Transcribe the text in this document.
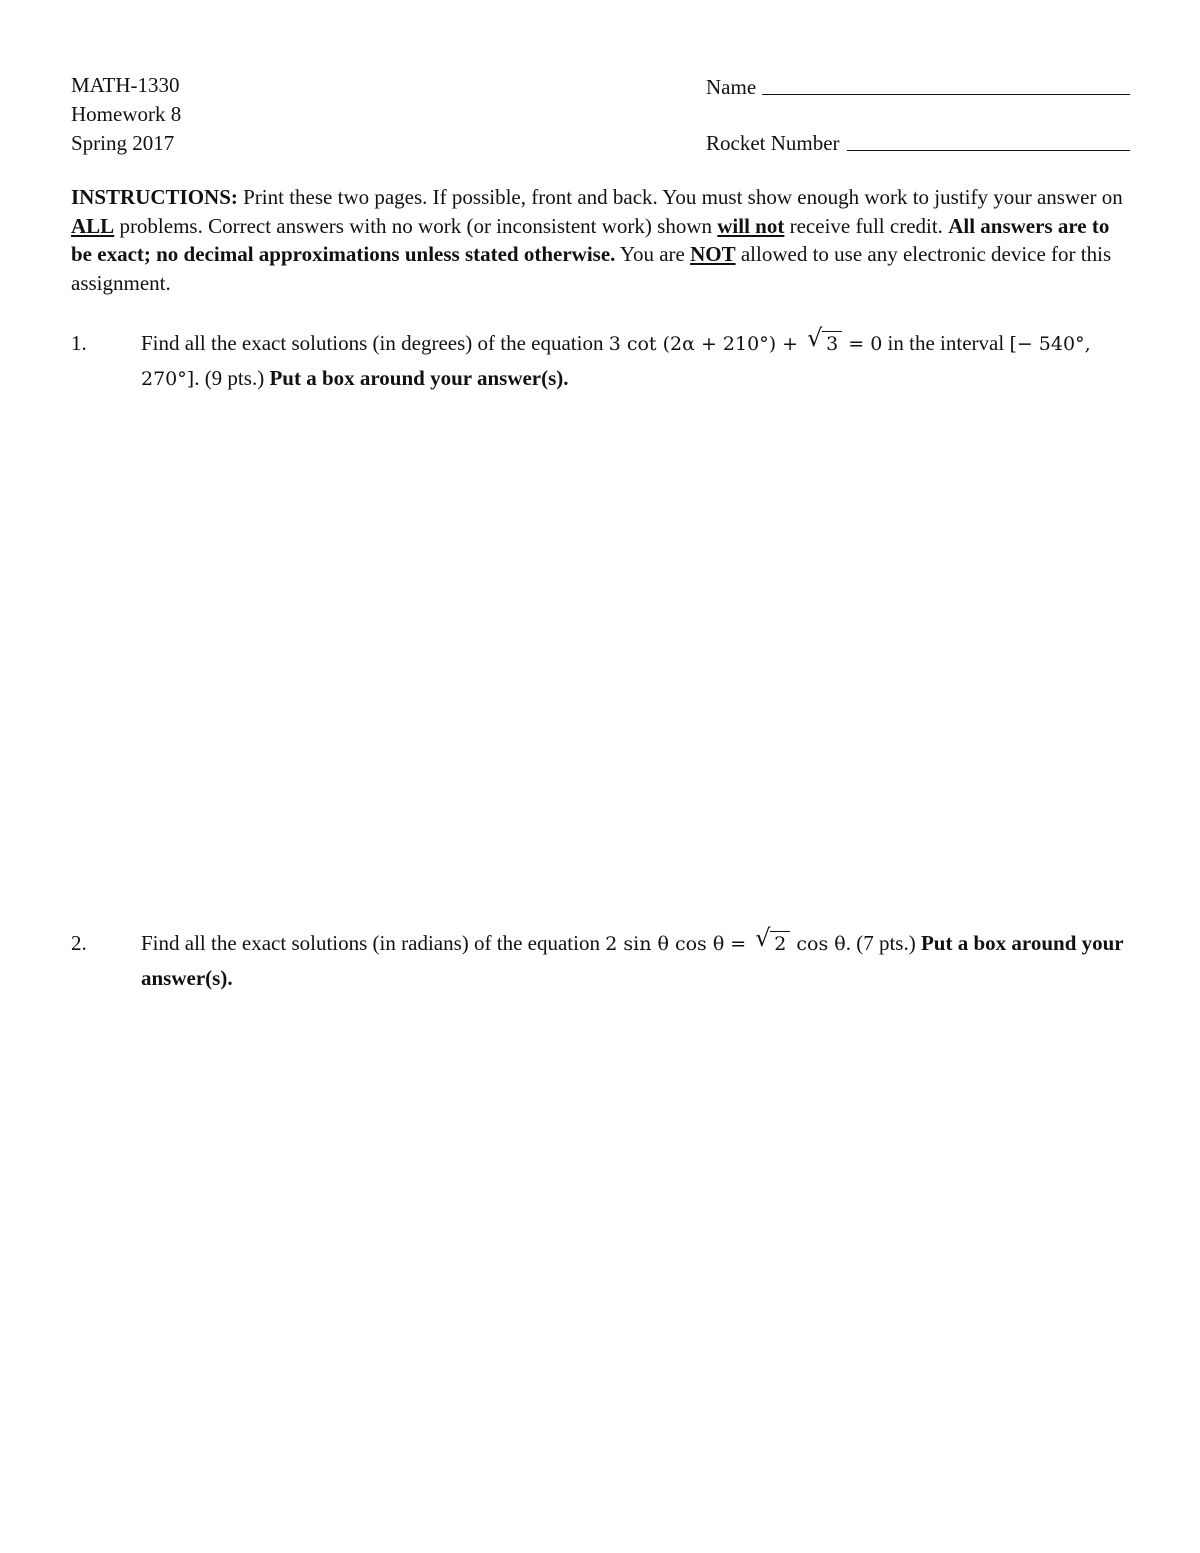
MATH-1330
Homework 8
Spring 2017
Name
Rocket Number
INSTRUCTIONS: Print these two pages. If possible, front and back. You must show enough work to justify your answer on ALL problems. Correct answers with no work (or inconsistent work) shown will not receive full credit. All answers are to be exact; no decimal approximations unless stated otherwise. You are NOT allowed to use any electronic device for this assignment.
1.	Find all the exact solutions (in degrees) of the equation 3 cot (2α + 210°) + √ 3 = 0 in the interval [− 540°, 270°]. (9 pts.) Put a box around your answer(s).
2.	Find all the exact solutions (in radians) of the equation 2 sin θ cos θ = √ 2 cos θ. (7 pts.) Put a box around your answer(s).
